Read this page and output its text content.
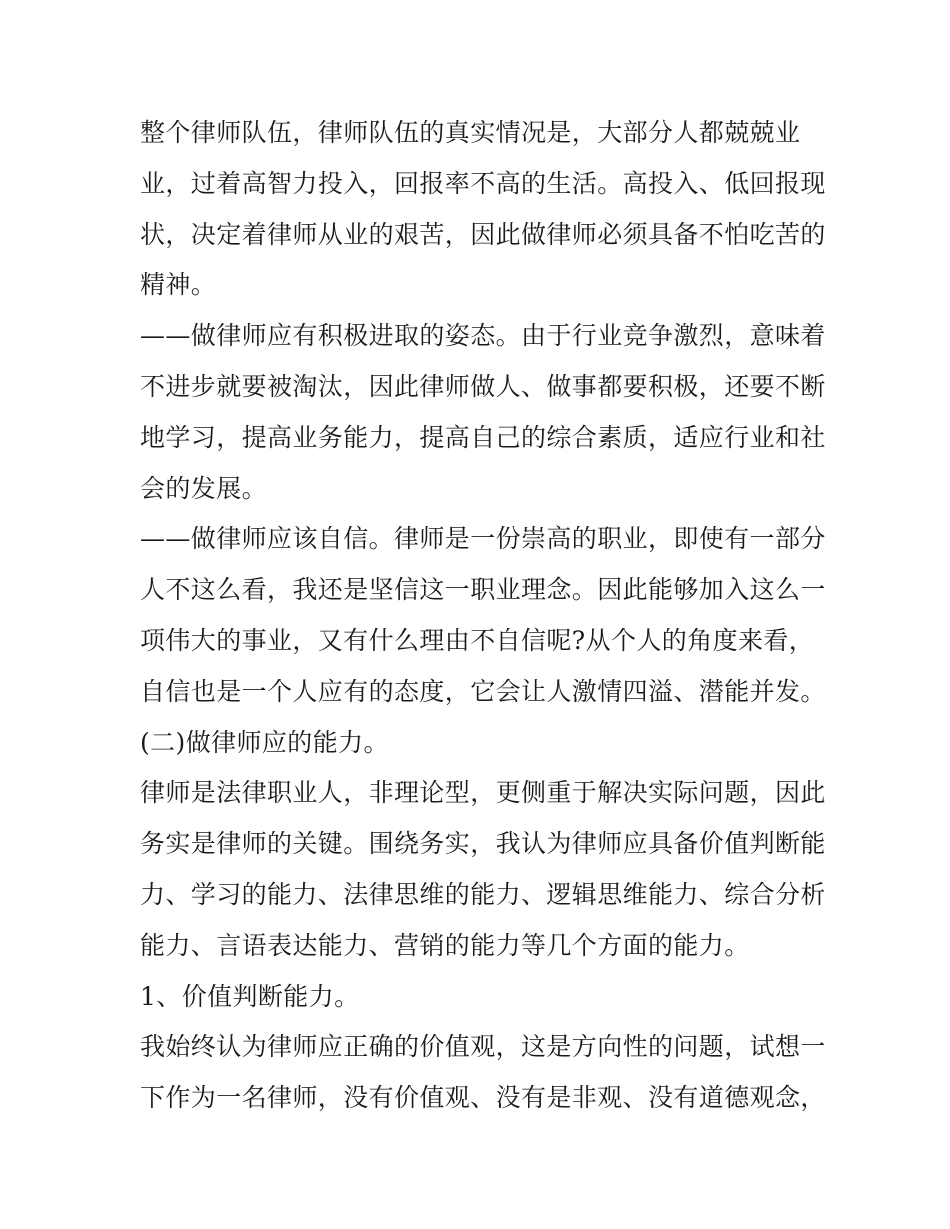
整个律师队伍，律师队伍的真实情况是，大部分人都兢兢业
业，过着高智力投入，回报率不高的生活。高投入、低回报现
状，决定着律师从业的艰苦，因此做律师必须具备不怕吃苦的
精神。
——做律师应有积极进取的姿态。由于行业竞争激烈，意味着
不进步就要被淘汰，因此律师做人、做事都要积极，还要不断
地学习，提高业务能力，提高自己的综合素质，适应行业和社
会的发展。
——做律师应该自信。律师是一份崇高的职业，即使有一部分
人不这么看，我还是坚信这一职业理念。因此能够加入这么一
项伟大的事业，又有什么理由不自信呢?从个人的角度来看，
自信也是一个人应有的态度，它会让人激情四溢、潜能并发。
(二)做律师应的能力。
律师是法律职业人，非理论型，更侧重于解决实际问题，因此
务实是律师的关键。围绕务实，我认为律师应具备价值判断能
力、学习的能力、法律思维的能力、逻辑思维能力、综合分析
能力、言语表达能力、营销的能力等几个方面的能力。
1、价值判断能力。
我始终认为律师应正确的价值观，这是方向性的问题，试想一
下作为一名律师，没有价值观、没有是非观、没有道德观念，
